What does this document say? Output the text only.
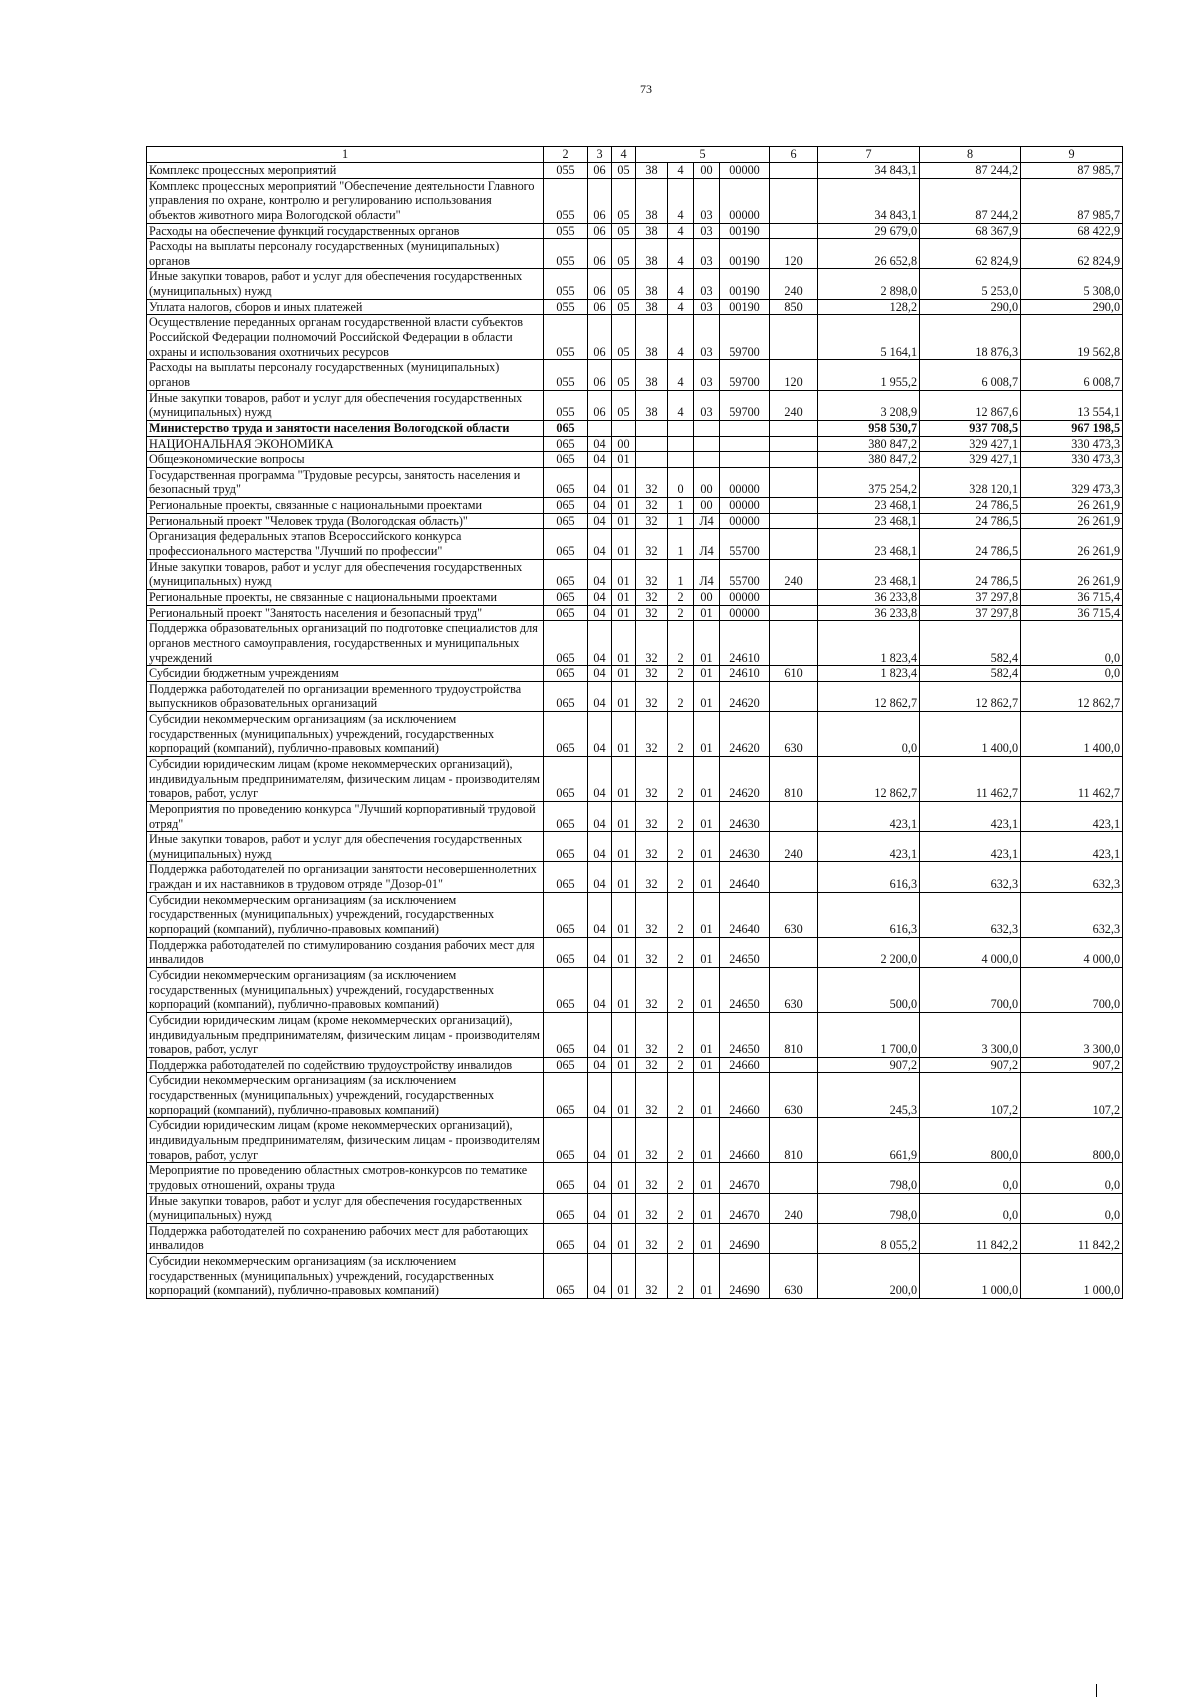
73
1	2	3	4	5				6	7	8	9
Комплекс процессных мероприятий	055	06	05	38	4	00	00000		34 843,1	87 244,2	87 985,7
Комплекс процессных мероприятий "Обеспечение деятельности Главного управления по охране, контролю и регулированию использования объектов животного мира Вологодской области"	055	06	05	38	4	03	00000		34 843,1	87 244,2	87 985,7
Расходы на обеспечение функций государственных органов	055	06	05	38	4	03	00190		29 679,0	68 367,9	68 422,9
Расходы на выплаты персоналу государственных (муниципальных) органов	055	06	05	38	4	03	00190	120	26 652,8	62 824,9	62 824,9
Иные закупки товаров, работ и услуг для обеспечения государственных (муниципальных) нужд	055	06	05	38	4	03	00190	240	2 898,0	5 253,0	5 308,0
Уплата налогов, сборов и иных платежей	055	06	05	38	4	03	00190	850	128,2	290,0	290,0
Осуществление переданных органам государственной власти субъектов Российской Федерации полномочий Российской Федерации в области охраны и использования охотничьих ресурсов	055	06	05	38	4	03	59700		5 164,1	18 876,3	19 562,8
Расходы на выплаты персоналу государственных (муниципальных) органов	055	06	05	38	4	03	59700	120	1 955,2	6 008,7	6 008,7
Иные закупки товаров, работ и услуг для обеспечения государственных (муниципальных) нужд	055	06	05	38	4	03	59700	240	3 208,9	12 867,6	13 554,1
Министерство труда и занятости населения Вологодской области	065								958 530,7	937 708,5	967 198,5
НАЦИОНАЛЬНАЯ ЭКОНОМИКА	065	04	00						380 847,2	329 427,1	330 473,3
Общеэкономические вопросы	065	04	01						380 847,2	329 427,1	330 473,3
Государственная программа "Трудовые ресурсы, занятость населения и безопасный труд"	065	04	01	32	0	00	00000		375 254,2	328 120,1	329 473,3
Региональные проекты, связанные с национальными проектами	065	04	01	32	1	00	00000		23 468,1	24 786,5	26 261,9
Региональный проект "Человек труда (Вологодская область)"	065	04	01	32	1	Л4	00000		23 468,1	24 786,5	26 261,9
Организация федеральных этапов Всероссийского конкурса профессионального мастерства "Лучший по профессии"	065	04	01	32	1	Л4	55700		23 468,1	24 786,5	26 261,9
Иные закупки товаров, работ и услуг для обеспечения государственных (муниципальных) нужд	065	04	01	32	1	Л4	55700	240	23 468,1	24 786,5	26 261,9
Региональные проекты, не связанные с национальными проектами	065	04	01	32	2	00	00000		36 233,8	37 297,8	36 715,4
Региональный проект "Занятость населения и безопасный труд"	065	04	01	32	2	01	00000		36 233,8	37 297,8	36 715,4
Поддержка образовательных организаций по подготовке специалистов для органов местного самоуправления, государственных и муниципальных учреждений	065	04	01	32	2	01	24610		1 823,4	582,4	0,0
Субсидии бюджетным учреждениям	065	04	01	32	2	01	24610	610	1 823,4	582,4	0,0
Поддержка работодателей по организации временного трудоустройства выпускников образовательных организаций	065	04	01	32	2	01	24620		12 862,7	12 862,7	12 862,7
Субсидии некоммерческим организациям (за исключением государственных (муниципальных) учреждений, государственных корпораций (компаний), публично-правовых компаний)	065	04	01	32	2	01	24620	630	0,0	1 400,0	1 400,0
Субсидии юридическим лицам (кроме некоммерческих организаций), индивидуальным предпринимателям, физическим лицам - производителям товаров, работ, услуг	065	04	01	32	2	01	24620	810	12 862,7	11 462,7	11 462,7
Мероприятия по проведению конкурса "Лучший корпоративный трудовой отряд"	065	04	01	32	2	01	24630		423,1	423,1	423,1
Иные закупки товаров, работ и услуг для обеспечения государственных (муниципальных) нужд	065	04	01	32	2	01	24630	240	423,1	423,1	423,1
Поддержка работодателей по организации занятости несовершеннолетних граждан и их наставников в трудовом отряде "Дозор-01"	065	04	01	32	2	01	24640		616,3	632,3	632,3
Субсидии некоммерческим организациям (за исключением государственных (муниципальных) учреждений, государственных корпораций (компаний), публично-правовых компаний)	065	04	01	32	2	01	24640	630	616,3	632,3	632,3
Поддержка работодателей по стимулированию создания рабочих мест для инвалидов	065	04	01	32	2	01	24650		2 200,0	4 000,0	4 000,0
Субсидии некоммерческим организациям (за исключением государственных (муниципальных) учреждений, государственных корпораций (компаний), публично-правовых компаний)	065	04	01	32	2	01	24650	630	500,0	700,0	700,0
Субсидии юридическим лицам (кроме некоммерческих организаций), индивидуальным предпринимателям, физическим лицам - производителям товаров, работ, услуг	065	04	01	32	2	01	24650	810	1 700,0	3 300,0	3 300,0
Поддержка работодателей по содействию трудоустройству инвалидов	065	04	01	32	2	01	24660		907,2	907,2	907,2
Субсидии некоммерческим организациям (за исключением государственных (муниципальных) учреждений, государственных корпораций (компаний), публично-правовых компаний)	065	04	01	32	2	01	24660	630	245,3	107,2	107,2
Субсидии юридическим лицам (кроме некоммерческих организаций), индивидуальным предпринимателям, физическим лицам - производителям товаров, работ, услуг	065	04	01	32	2	01	24660	810	661,9	800,0	800,0
Мероприятие по проведению областных смотров-конкурсов по тематике трудовых отношений, охраны труда	065	04	01	32	2	01	24670		798,0	0,0	0,0
Иные закупки товаров, работ и услуг для обеспечения государственных (муниципальных) нужд	065	04	01	32	2	01	24670	240	798,0	0,0	0,0
Поддержка работодателей по сохранению рабочих мест для работающих инвалидов	065	04	01	32	2	01	24690		8 055,2	11 842,2	11 842,2
Субсидии некоммерческим организациям (за исключением государственных (муниципальных) учреждений, государственных корпораций (компаний), публично-правовых компаний)	065	04	01	32	2	01	24690	630	200,0	1 000,0	1 000,0
